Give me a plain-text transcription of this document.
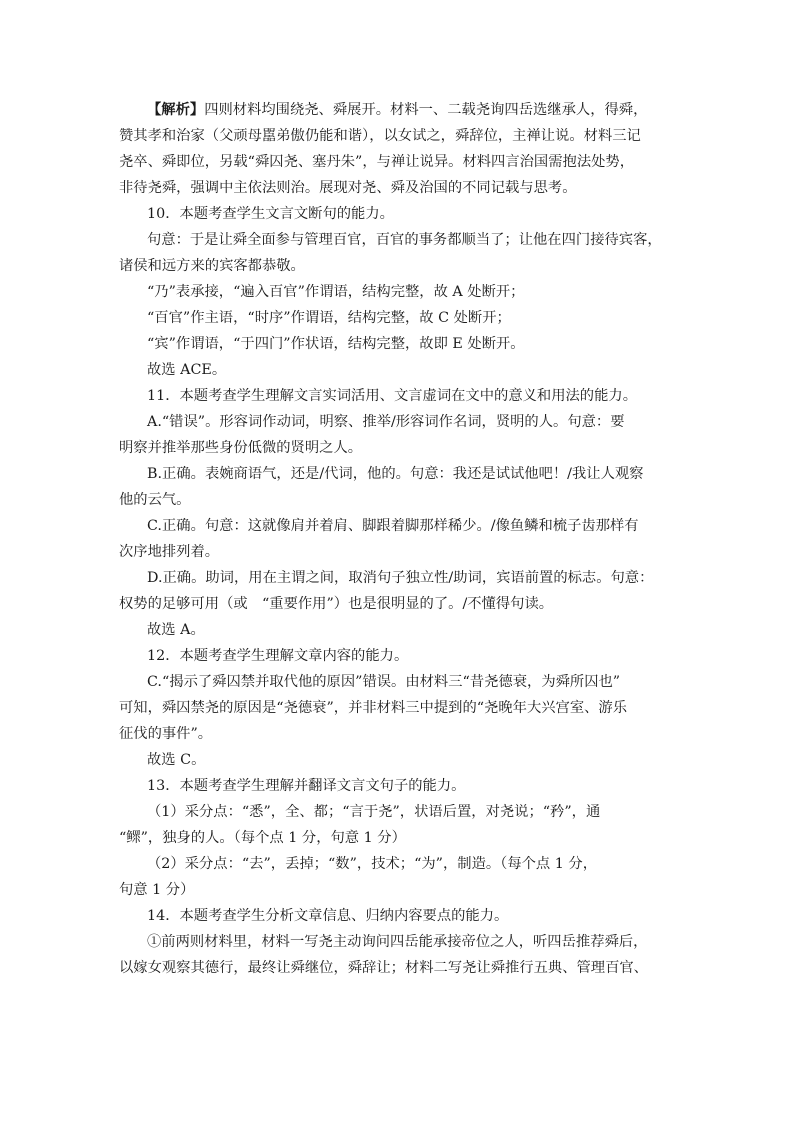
【解析】四则材料均围绕尧、舜展开。材料一、二载尧询四岳选继承人，得舜，
赞其孝和治家（父顽母嚚弟傲仍能和谐），以女试之，舜辞位，主禅让说。材料三记
尧卒、舜即位，另载“舜囚尧、塞丹朱”，与禅让说异。材料四言治国需抱法处势，
非待尧舜，强调中主依法则治。展现对尧、舜及治国的不同记载与思考。
10．本题考查学生文言文断句的能力。
句意：于是让舜全面参与管理百官，百官的事务都顺当了；让他在四门接待宾客，
诸侯和远方来的宾客都恭敬。
“乃”表承接，“遍入百官”作谓语，结构完整，故 A 处断开；
“百官”作主语，“时序”作谓语，结构完整，故 C 处断开；
“宾”作谓语，“于四门”作状语，结构完整，故即 E 处断开。
故选 ACE。
11．本题考查学生理解文言实词活用、文言虚词在文中的意义和用法的能力。
A.“错误”。形容词作动词，明察、推举/形容词作名词，贤明的人。句意：要
明察并推举那些身份低微的贤明之人。
B.正确。表婉商语气，还是/代词，他的。句意：我还是试试他吧！/我让人观察
他的云气。
C.正确。句意：这就像肩并着肩、脚跟着脚那样稀少。/像鱼鳞和梳子齿那样有
次序地排列着。
D.正确。助词，用在主谓之间，取消句子独立性/助词，宾语前置的标志。句意：
权势的足够可用（或　“重要作用”）也是很明显的了。/不懂得句读。
故选 A。
12．本题考查学生理解文章内容的能力。
C.“揭示了舜囚禁并取代他的原因”错误。由材料三“昔尧德衰，为舜所囚也”
可知，舜囚禁尧的原因是“尧德衰”，并非材料三中提到的“尧晚年大兴宫室、游乐
征伐的事件”。
故选 C。
13．本题考查学生理解并翻译文言文句子的能力。
（1）采分点：“悉”，全、都；“言于尧”，状语后置，对尧说；“矜”，通
“鳏”，独身的人。（每个点 1 分，句意 1 分）
（2）采分点：“去”，丢掉；“数”，技术；“为”，制造。（每个点 1 分，
句意 1 分）
14．本题考查学生分析文章信息、归纳内容要点的能力。
①前两则材料里，材料一写尧主动询问四岳能承接帝位之人，听四岳推荐舜后，
以嫁女观察其德行，最终让舜继位，舜辞让；材料二写尧让舜推行五典、管理百官、
